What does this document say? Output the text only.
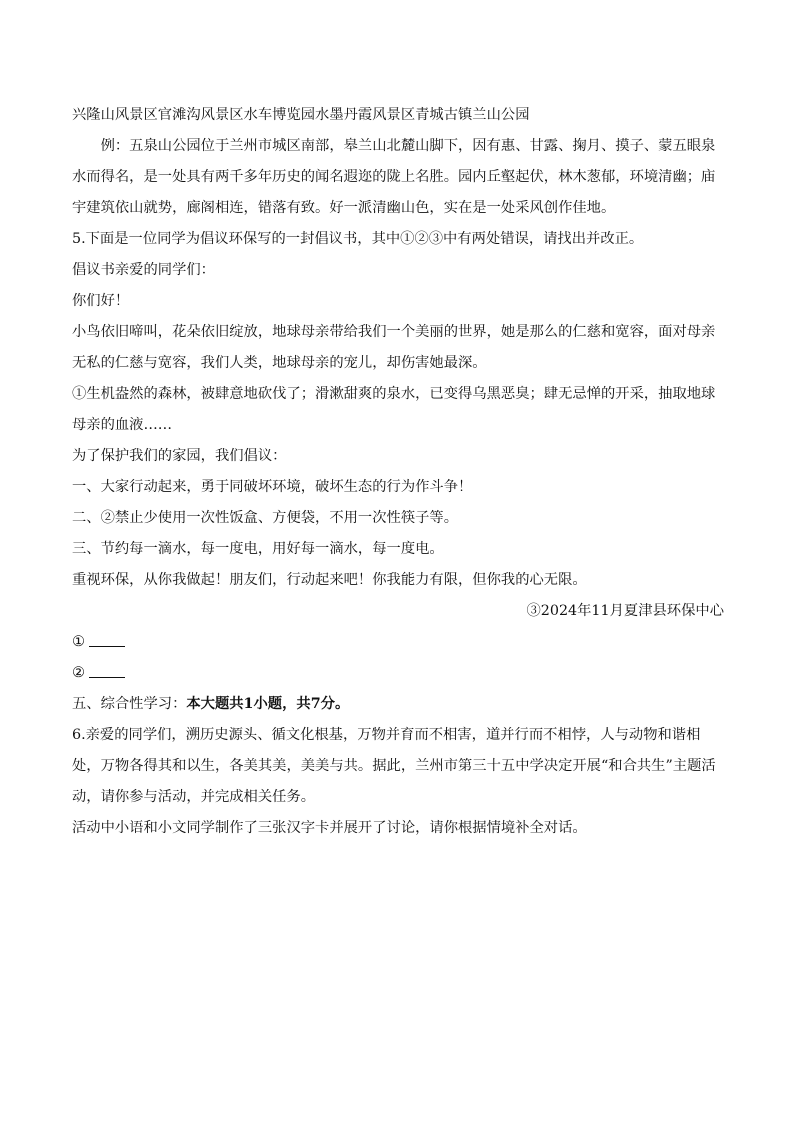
兴隆山风景区官滩沟风景区水车博览园水墨丹霞风景区青城古镇兰山公园

例：五泉山公园位于兰州市城区南部，皋兰山北麓山脚下，因有惠、甘露、掬月、摸子、蒙五眼泉水而得名，是一处具有两千多年历史的闻名遐迩的陇上名胜。园内丘壑起伏，林木葱郁，环境清幽；庙宇建筑依山就势，廊阁相连，错落有致。好一派清幽山色，实在是一处采风创作佳地。

5.下面是一位同学为倡议环保写的一封倡议书，其中①②③中有两处错误，请找出并改正。

倡议书亲爱的同学们：

你们好！

小鸟依旧啼叫，花朵依旧绽放，地球母亲带给我们一个美丽的世界，她是那么的仁慈和宽容，面对母亲无私的仁慈与宽容，我们人类，地球母亲的宠儿，却伤害她最深。

①生机盎然的森林，被肆意地砍伐了；滑漱甜爽的泉水，已变得乌黑恶臭；肆无忌惮的开采，抽取地球母亲的血液……

为了保护我们的家园，我们倡议：

一、大家行动起来，勇于同破坏环境，破坏生态的行为作斗争！

二、②禁止少使用一次性饭盒、方便袋，不用一次性筷子等。

三、节约每一滴水，每一度电，用好每一滴水，每一度电。

重视环保，从你我做起！朋友们，行动起来吧！你我能力有限，但你我的心无限。

③2024年11月夏津县环保中心

①

②

五、综合性学习：本大题共1小题，共7分。

6.亲爱的同学们，溯历史源头、循文化根基，万物并育而不相害，道并行而不相悖，人与动物和谐相处，万物各得其和以生，各美其美，美美与共。据此，兰州市第三十五中学决定开展“和合共生”主题活动，请你参与活动，并完成相关任务。

活动中小语和小文同学制作了三张汉字卡并展开了讨论，请你根据情境补全对话。
